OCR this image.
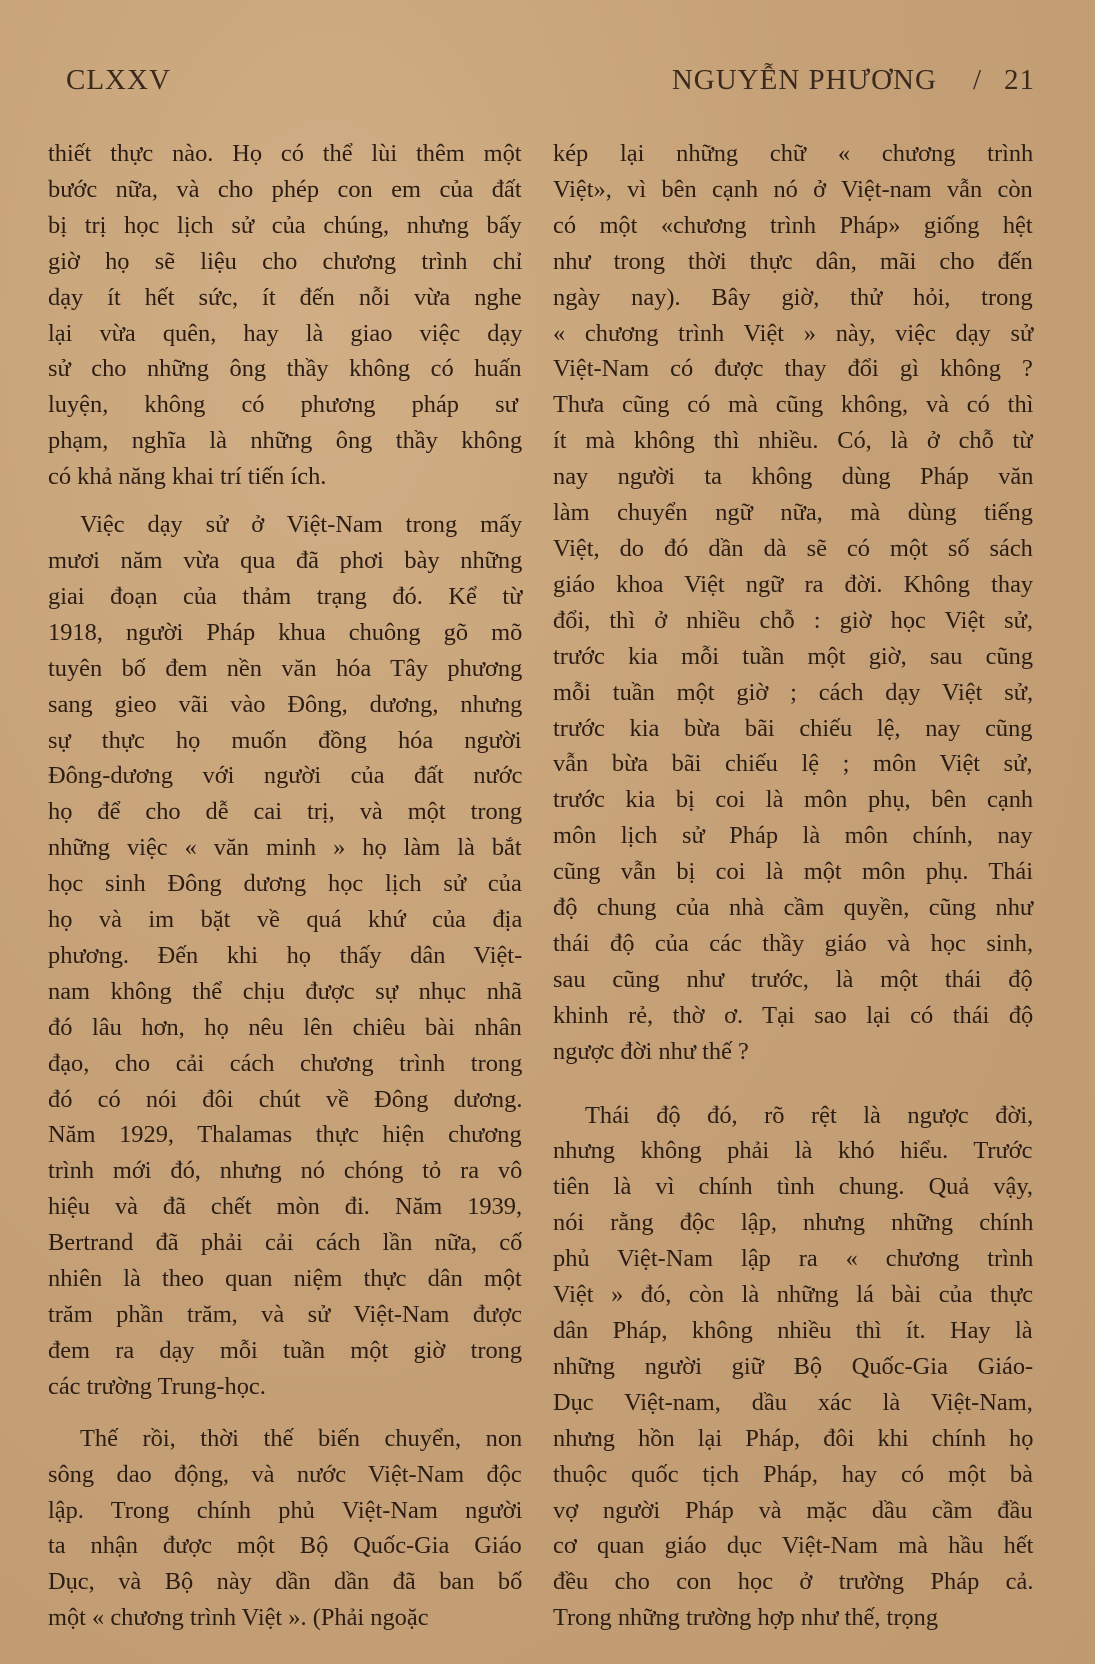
CLXXV	NGUYỄN PHƯƠNG / 21
thiết thực nào. Họ có thể lùi thêm một
bước nữa, và cho phép con em của đất
bị trị học lịch sử của chúng, nhưng bấy
giờ họ sẽ liệu cho chương trình chỉ
dạy ít hết sức, ít đến nỗi vừa nghe
lại vừa quên, hay là giao việc dạy
sử cho những ông thầy không có huấn
luyện, không có phương pháp sư
phạm, nghĩa là những ông thầy không
có khả năng khai trí tiến ích.
Việc dạy sử ở Việt-Nam trong mấy
mươi năm vừa qua đã phơi bày những
giai đoạn của thảm trạng đó. Kể từ
1918, người Pháp khua chuông gõ mõ
tuyên bố đem nền văn hóa Tây phương
sang gieo vãi vào Đông, dương, nhưng
sự thực họ muốn đồng hóa người
Đông-dương với người của đất nước
họ để cho dễ cai trị, và một trong
những việc « văn minh » họ làm là bắt
học sinh Đông dương học lịch sử của
họ và im bặt về quá khứ của địa
phương. Đến khi họ thấy dân Việt-
nam không thể chịu được sự nhục nhã
đó lâu hơn, họ nêu lên chiêu bài nhân
đạo, cho cải cách chương trình trong
đó có nói đôi chút về Đông dương.
Năm 1929, Thalamas thực hiện chương
trình mới đó, nhưng nó chóng tỏ ra vô
hiệu và đã chết mòn đi. Năm 1939,
Bertrand đã phải cải cách lần nữa, cố
nhiên là theo quan niệm thực dân một
trăm phần trăm, và sử Việt-Nam được
đem ra dạy mỗi tuần một giờ trong
các trường Trung-học.
Thế rồi, thời thế biến chuyển, non
sông dao động, và nước Việt-Nam độc
lập. Trong chính phủ Việt-Nam người
ta nhận được một Bộ Quốc-Gia Giáo
Dục, và Bộ này dần dần đã ban bố
một « chương trình Việt ». (Phải ngoặc
kép lại những chữ « chương trình
Việt», vì bên cạnh nó ở Việt-nam vẫn còn
có một «chương trình Pháp» giống hệt
như trong thời thực dân, mãi cho đến
ngày nay). Bây giờ, thử hỏi, trong
« chương trình Việt » này, việc dạy sử
Việt-Nam có được thay đổi gì không ?
Thưa cũng có mà cũng không, và có thì
ít mà không thì nhiều. Có, là ở chỗ từ
nay người ta không dùng Pháp văn
làm chuyển ngữ nữa, mà dùng tiếng
Việt, do đó dần dà sẽ có một số sách
giáo khoa Việt ngữ ra đời. Không thay
đổi, thì ở nhiều chỗ : giờ học Việt sử,
trước kia mỗi tuần một giờ, sau cũng
mỗi tuần một giờ ; cách dạy Việt sử,
trước kia bừa bãi chiếu lệ, nay cũng
vẫn bừa bãi chiếu lệ ; môn Việt sử,
trước kia bị coi là môn phụ, bên cạnh
môn lịch sử Pháp là môn chính, nay
cũng vẫn bị coi là một môn phụ. Thái
độ chung của nhà cầm quyền, cũng như
thái độ của các thầy giáo và học sinh,
sau cũng như trước, là một thái độ
khinh rẻ, thờ ơ. Tại sao lại có thái độ
ngược đời như thế ?
Thái độ đó, rõ rệt là ngược đời,
nhưng không phải là khó hiểu. Trước
tiên là vì chính tình chung. Quả vậy,
nói rằng độc lập, nhưng những chính
phủ Việt-Nam lập ra « chương trình
Việt » đó, còn là những lá bài của thực
dân Pháp, không nhiều thì ít. Hay là
những người giữ Bộ Quốc-Gia Giáo-
Dục Việt-nam, dầu xác là Việt-Nam,
nhưng hồn lại Pháp, đôi khi chính họ
thuộc quốc tịch Pháp, hay có một bà
vợ người Pháp và mặc dầu cầm đầu
cơ quan giáo dục Việt-Nam mà hầu hết
đều cho con học ở trường Pháp cả.
Trong những trường hợp như thế, trọng
